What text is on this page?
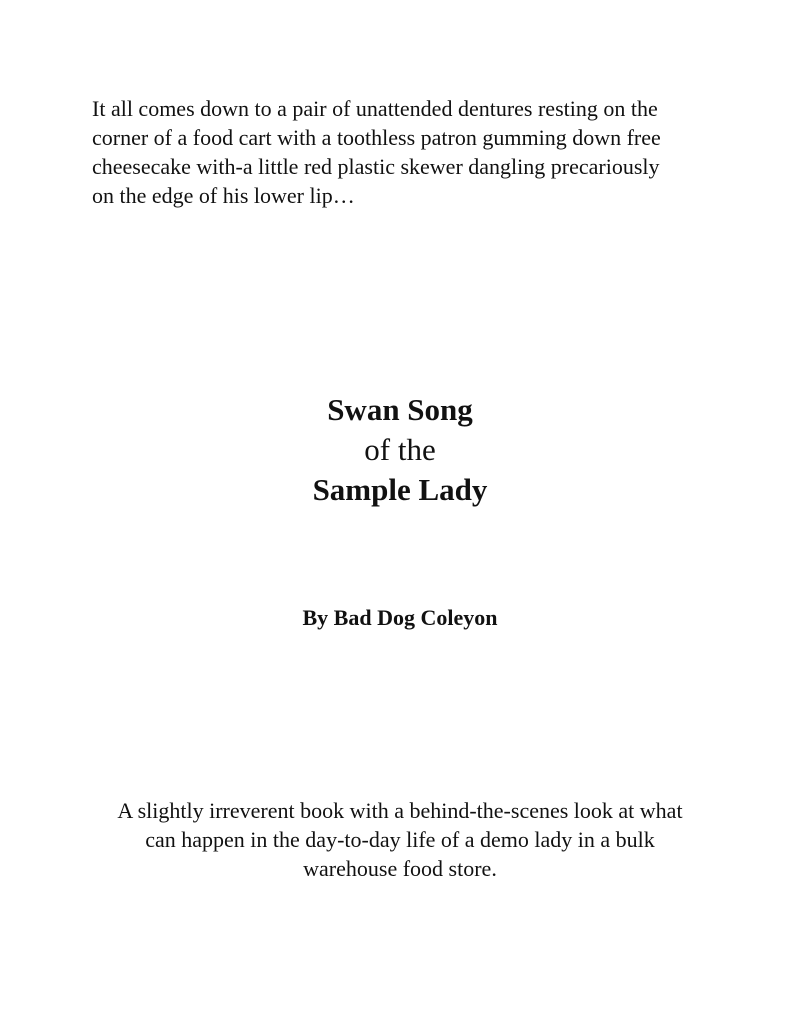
It all comes down to a pair of unattended dentures resting on the
corner of a food cart with a toothless patron gumming down free
cheesecake with-a little red plastic skewer dangling precariously
on the edge of his lower lip…
Swan Song
of the
Sample Lady
By Bad Dog Coleyon
A slightly irreverent book with a behind-the-scenes look at what
can happen in the day-to-day life of a demo lady in a bulk
warehouse food store.
